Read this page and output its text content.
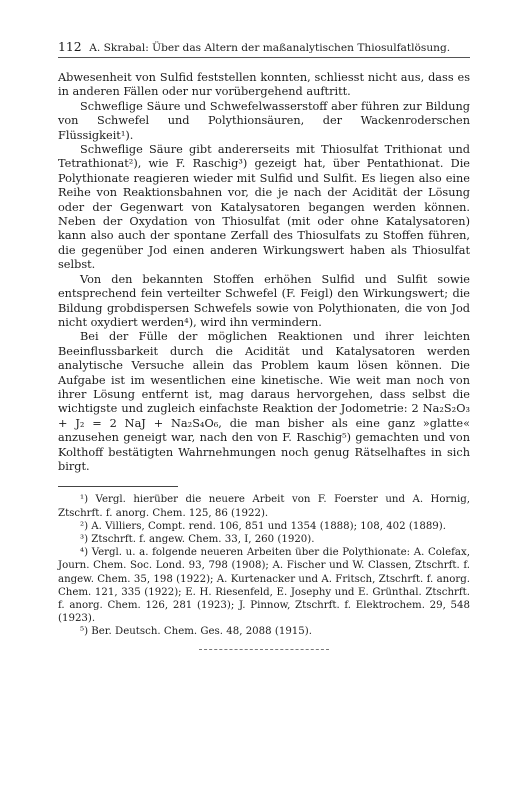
112 A. Skrabal: Über das Altern der maßanalytischen Thiosulfatlösung.

Abwesenheit von Sulfid feststellen konnten, schliesst nicht aus, dass es in anderen Fällen oder nur vorübergehend auftritt.

Schweflige Säure und Schwefelwasserstoff aber führen zur Bildung von Schwefel und Polythionsäuren, der Wackenroderschen Flüssigkeit¹).

Schweflige Säure gibt andererseits mit Thiosulfat Trithionat und Tetrathionat²), wie F. Raschig³) gezeigt hat, über Pentathionat. Die Polythionate reagieren wieder mit Sulfid und Sulfit. Es liegen also eine Reihe von Reaktionsbahnen vor, die je nach der Acidität der Lösung oder der Gegenwart von Katalysatoren begangen werden können. Neben der Oxydation von Thiosulfat (mit oder ohne Katalysatoren) kann also auch der spontane Zerfall des Thiosulfats zu Stoffen führen, die gegenüber Jod einen anderen Wirkungswert haben als Thiosulfat selbst.

Von den bekannten Stoffen erhöhen Sulfid und Sulfit sowie entsprechend fein verteilter Schwefel (F. Feigl) den Wirkungswert; die Bildung grobdispersen Schwefels sowie von Polythionaten, die von Jod nicht oxydiert werden⁴), wird ihn vermindern.

Bei der Fülle der möglichen Reaktionen und ihrer leichten Beeinflussbarkeit durch die Acidität und Katalysatoren werden analytische Versuche allein das Problem kaum lösen können. Die Aufgabe ist im wesentlichen eine kinetische. Wie weit man noch von ihrer Lösung entfernt ist, mag daraus hervorgehen, dass selbst die wichtigste und zugleich einfachste Reaktion der Jodometrie: 2 Na₂S₂O₃ + J₂ = 2 NaJ + Na₂S₄O₆, die man bisher als eine ganz »glatte« anzusehen geneigt war, nach den von F. Raschig⁵) gemachten und von Kolthoff bestätigten Wahrnehmungen noch genug Rätselhaftes in sich birgt.

¹) Vergl. hierüber die neuere Arbeit von F. Foerster und A. Hornig, Ztschrft. f. anorg. Chem. 125, 86 (1922).

²) A. Villiers, Compt. rend. 106, 851 und 1354 (1888); 108, 402 (1889).

³) Ztschrft. f. angew. Chem. 33, I, 260 (1920).

⁴) Vergl. u. a. folgende neueren Arbeiten über die Polythionate: A. Colefax, Journ. Chem. Soc. Lond. 93, 798 (1908); A. Fischer und W. Classen, Ztschrft. f. angew. Chem. 35, 198 (1922); A. Kurtenacker und A. Fritsch, Ztschrft. f. anorg. Chem. 121, 335 (1922); E. H. Riesenfeld, E. Josephy und E. Grünthal. Ztschrft. f. anorg. Chem. 126, 281 (1923); J. Pinnow, Ztschrft. f. Elektrochem. 29, 548 (1923).

⁵) Ber. Deutsch. Chem. Ges. 48, 2088 (1915).
